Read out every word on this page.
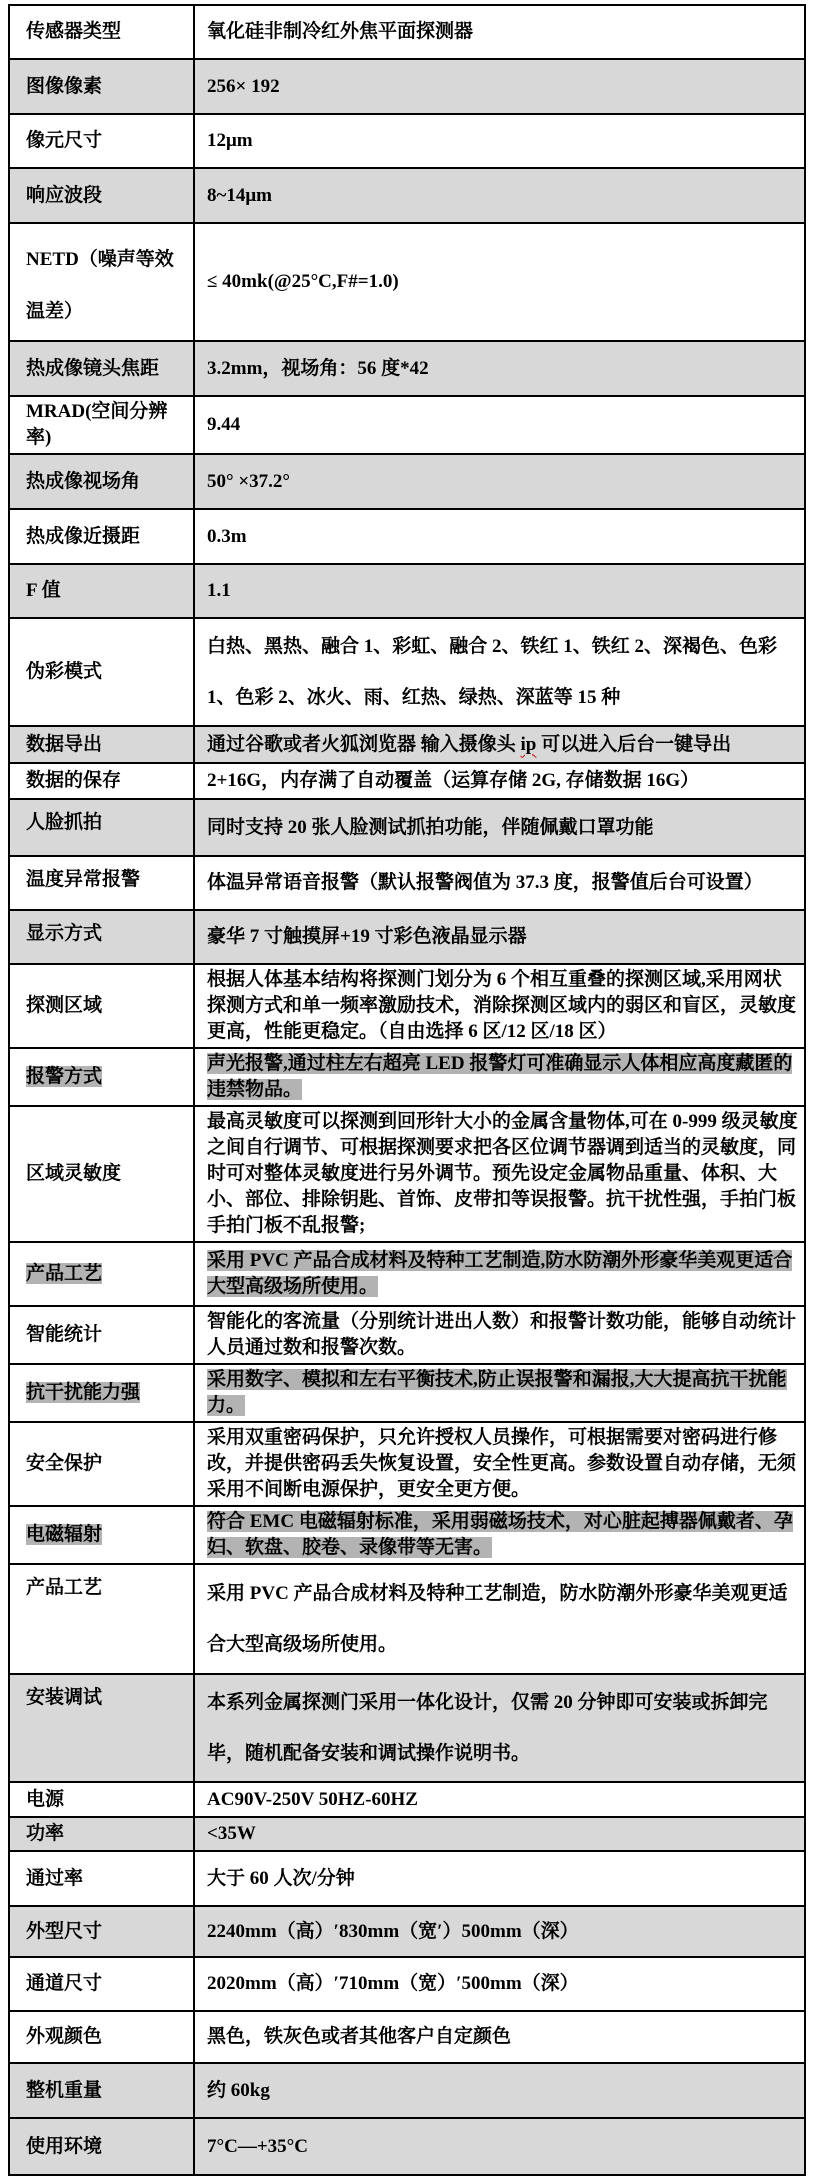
传感器类型	氧化硅非制冷红外焦平面探测器
图像像素	256× 192
像元尺寸	12μm
响应波段	8~14μm
NETD（噪声等效温差）	≤ 40mk(@25°C,F#=1.0)
热成像镜头焦距	3.2mm，视场角：56 度*42
MRAD(空间分辨率)	9.44
热成像视场角	50° ×37.2°
热成像近摄距	0.3m
F 值	1.1
伪彩模式	白热、黑热、融合 1、彩虹、融合 2、铁红 1、铁红 2、深褐色、色彩 1、色彩 2、冰火、雨、红热、绿热、深蓝等 15 种
数据导出	通过谷歌或者火狐浏览器 输入摄像头 ip 可以进入后台一键导出
数据的保存	2+16G，内存满了自动覆盖（运算存储 2G, 存储数据 16G）
人脸抓拍	同时支持 20 张人脸测试抓拍功能，伴随佩戴口罩功能
温度异常报警	体温异常语音报警（默认报警阀值为 37.3 度，报警值后台可设置）
显示方式	豪华 7 寸触摸屏+19 寸彩色液晶显示器
探测区域	根据人体基本结构将探测门划分为 6 个相互重叠的探测区域,采用网状探测方式和单一频率激励技术，消除探测区域内的弱区和盲区，灵敏度更高，性能更稳定。（自由选择 6 区/12 区/18 区）
报警方式	声光报警,通过柱左右超亮 LED 报警灯可准确显示人体相应高度藏匿的违禁物品。
区域灵敏度	最高灵敏度可以探测到回形针大小的金属含量物体,可在 0-999 级灵敏度之间自行调节、可根据探测要求把各区位调节器调到适当的灵敏度，同时可对整体灵敏度进行另外调节。预先设定金属物品重量、体积、大小、部位、排除钥匙、首饰、皮带扣等误报警。抗干扰性强，手拍门板手拍门板不乱报警;
产品工艺	采用 PVC 产品合成材料及特种工艺制造,防水防潮外形豪华美观更适合大型高级场所使用。
智能统计	智能化的客流量（分别统计进出人数）和报警计数功能，能够自动统计人员通过数和报警次数。
抗干扰能力强	采用数字、模拟和左右平衡技术,防止误报警和漏报,大大提高抗干扰能力。
安全保护	采用双重密码保护，只允许授权人员操作，可根据需要对密码进行修改，并提供密码丢失恢复设置，安全性更高。参数设置自动存储，无须采用不间断电源保护，更安全更方便。
电磁辐射	符合 EMC 电磁辐射标准，采用弱磁场技术，对心脏起搏器佩戴者、孕妇、软盘、胶卷、录像带等无害。
产品工艺	采用 PVC 产品合成材料及特种工艺制造，防水防潮外形豪华美观更适合大型高级场所使用。
安装调试	本系列金属探测门采用一体化设计，仅需 20 分钟即可安装或拆卸完毕，随机配备安装和调试操作说明书。
电源	AC90V-250V 50HZ-60HZ
功率	<35W
通过率	大于 60 人次/分钟
外型尺寸	2240mm（高）′830mm（宽′）500mm（深）
通道尺寸	2020mm（高）′710mm（宽）′500mm（深）
外观颜色	黑色，铁灰色或者其他客户自定颜色
整机重量	约 60kg
使用环境	7°C—+35°C
